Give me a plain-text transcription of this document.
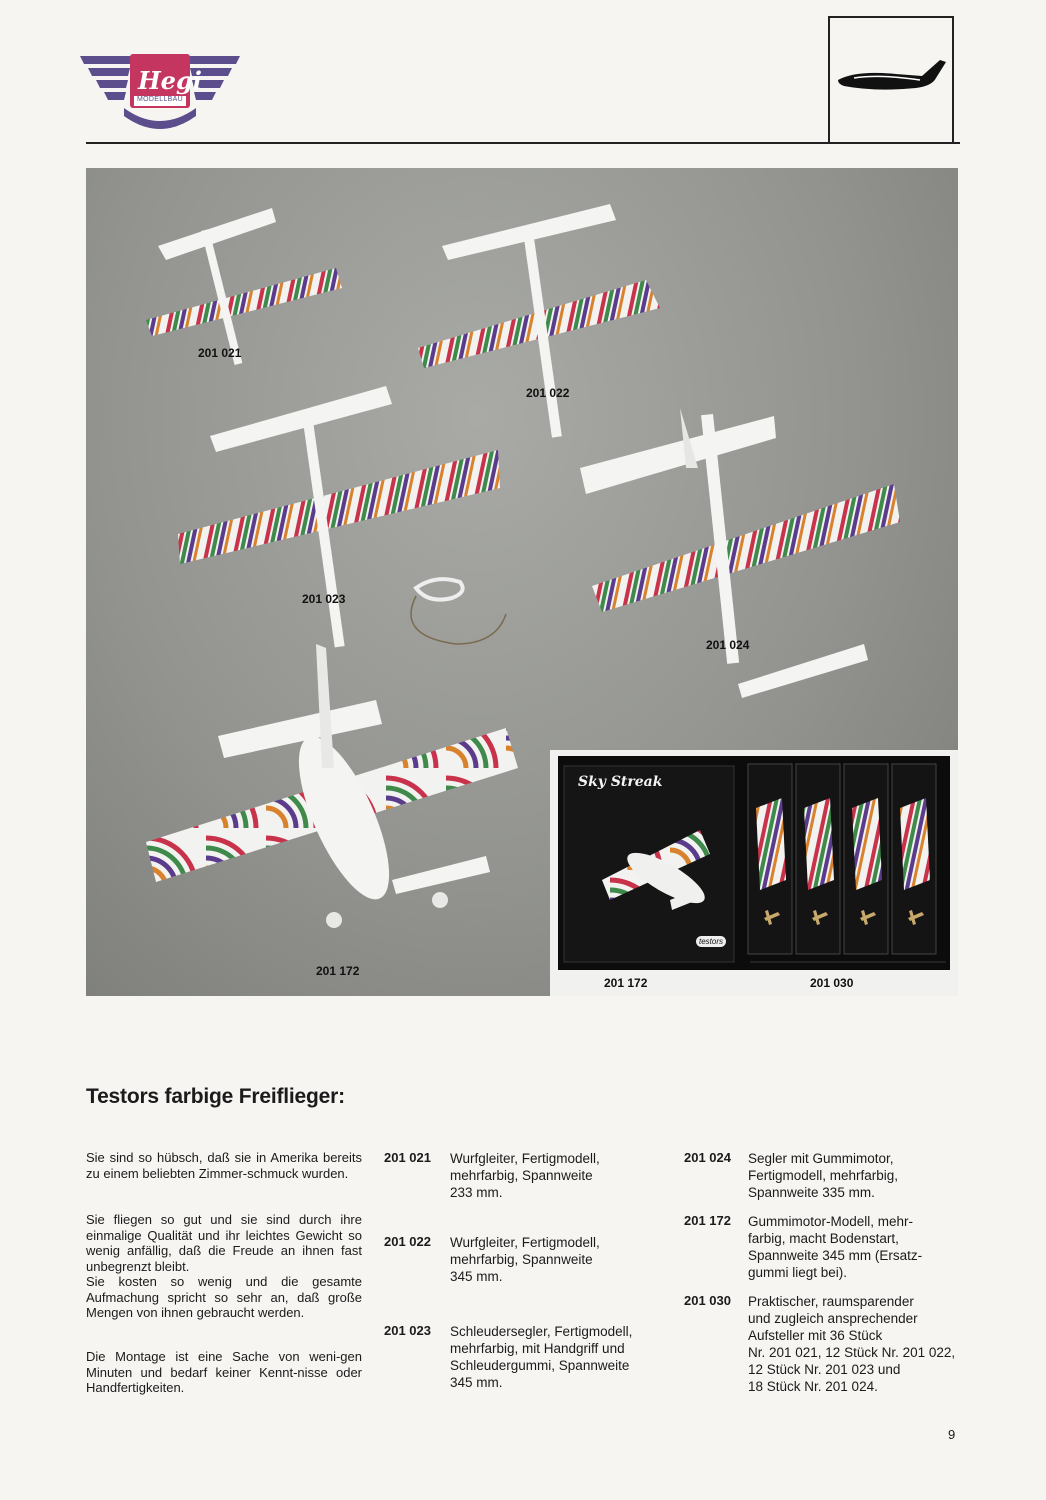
Hegi
MODELLBAU
201 021
201 022
201 023
201 024
201 172
Sky Streak
testors
201 172	201 030
Testors farbige Freiflieger:

Sie sind so hübsch, daß sie in Amerika bereits zu einem beliebten Zimmer-schmuck wurden.

Sie fliegen so gut und sie sind durch ihre einmalige Qualität und ihr leichtes Gewicht so wenig anfällig, daß die Freude an ihnen fast unbegrenzt bleibt.

Sie kosten so wenig und die gesamte Aufmachung spricht so sehr an, daß große Mengen von ihnen gebraucht werden.

Die Montage ist eine Sache von weni-gen Minuten und bedarf keiner Kennt-nisse oder Handfertigkeiten.

201 021 Wurfgleiter, Fertigmodell,
mehrfarbig, Spannweite
233 mm.
201 022 Wurfgleiter, Fertigmodell,
mehrfarbig, Spannweite
345 mm.
201 023 Schleudersegler, Fertigmodell,
mehrfarbig, mit Handgriff und
Schleudergummi, Spannweite
345 mm.
201 024 Segler mit Gummimotor,
Fertigmodell, mehrfarbig,
Spannweite 335 mm.
201 172 Gummimotor-Modell, mehr-
farbig, macht Bodenstart,
Spannweite 345 mm (Ersatz-
gummi liegt bei).
201 030 Praktischer, raumsparender
und zugleich ansprechender
Aufsteller mit 36 Stück
Nr. 201 021, 12 Stück Nr. 201 022,
12 Stück Nr. 201 023 und
18 Stück Nr. 201 024.
9
